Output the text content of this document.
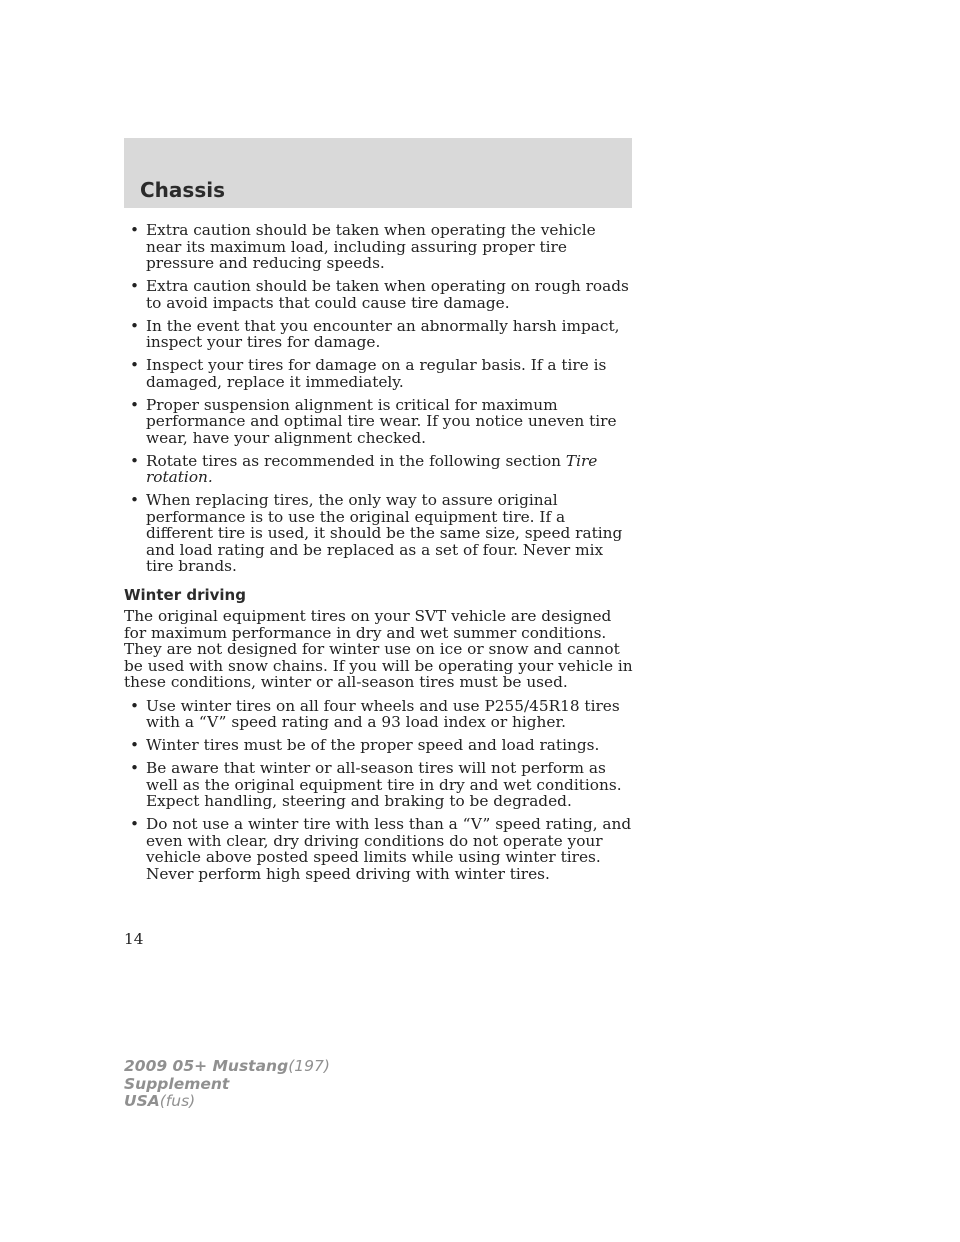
Chassis
• Extra caution should be taken when operating the vehicle near its maximum load, including assuring proper tire pressure and reducing speeds.
• Extra caution should be taken when operating on rough roads to avoid impacts that could cause tire damage.
• In the event that you encounter an abnormally harsh impact, inspect your tires for damage.
• Inspect your tires for damage on a regular basis. If a tire is damaged, replace it immediately.
• Proper suspension alignment is critical for maximum performance and optimal tire wear. If you notice uneven tire wear, have your alignment checked.
• Rotate tires as recommended in the following section Tire rotation.
• When replacing tires, the only way to assure original performance is to use the original equipment tire. If a different tire is used, it should be the same size, speed rating and load rating and be replaced as a set of four. Never mix tire brands.
Winter driving

The original equipment tires on your SVT vehicle are designed for maximum performance in dry and wet summer conditions. They are not designed for winter use on ice or snow and cannot be used with snow chains. If you will be operating your vehicle in these conditions, winter or all-season tires must be used.

• Use winter tires on all four wheels and use P255/45R18 tires with a “V” speed rating and a 93 load index or higher.
• Winter tires must be of the proper speed and load ratings.
• Be aware that winter or all-season tires will not perform as well as the original equipment tire in dry and wet conditions. Expect handling, steering and braking to be degraded.
• Do not use a winter tire with less than a “V” speed rating, and even with clear, dry driving conditions do not operate your vehicle above posted speed limits while using winter tires. Never perform high speed driving with winter tires.
14
2009 05+ Mustang(197)
Supplement
USA(fus)
